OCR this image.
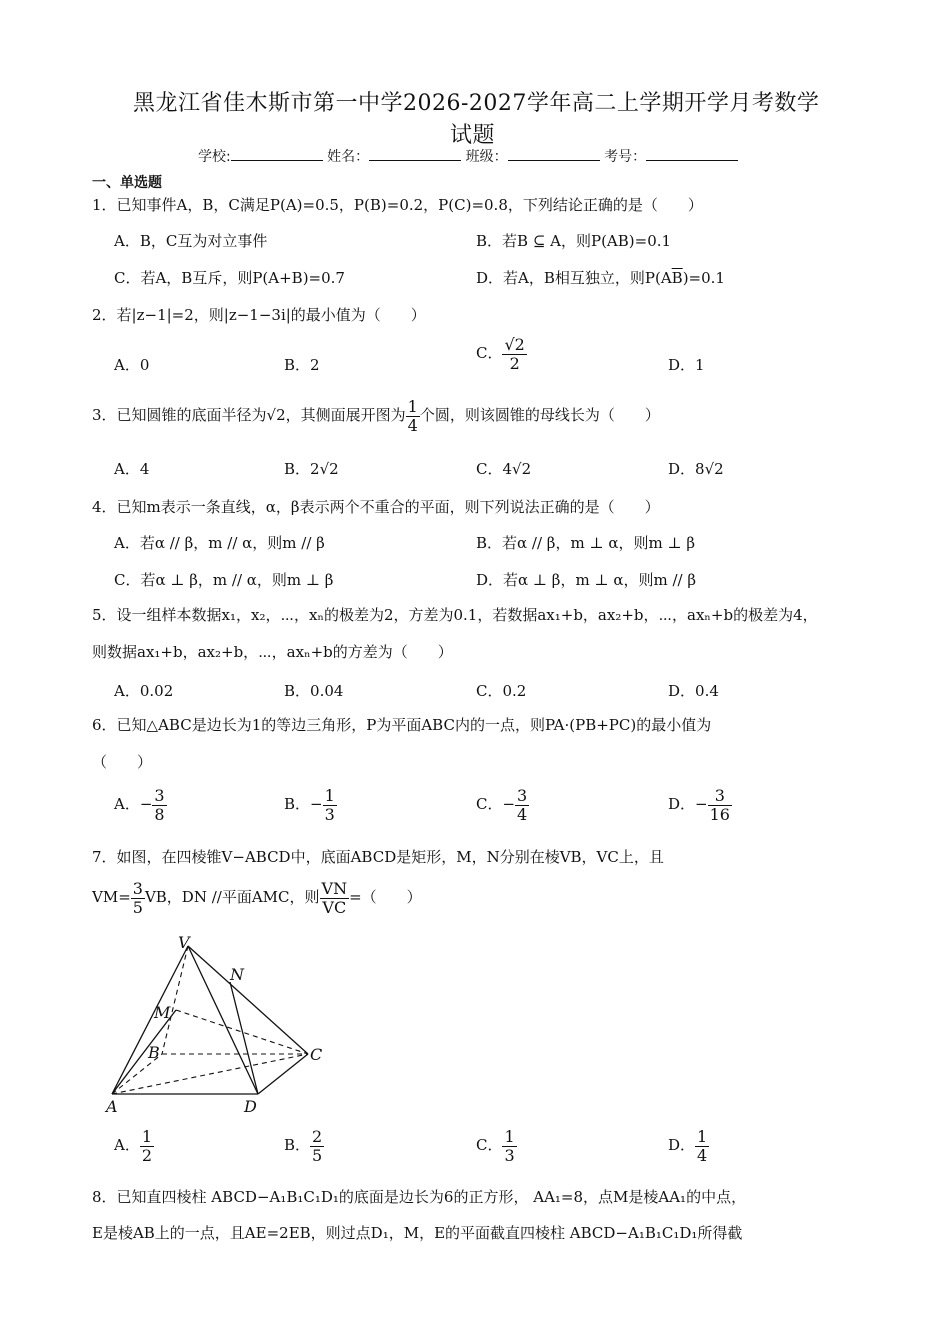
黑龙江省佳木斯市第一中学2026-2027学年高二上学期开学月考数学
试题
学校:	姓名：	班级：	考号：
一、单选题
1．已知事件A，B，C满足P(A)=0.5，P(B)=0.2，P(C)=0.8，下列结论正确的是（　　）
A．B，C互为对立事件	B．若B ⊆ A，则P(AB)=0.1
C．若A，B互斥，则P(A+B)=0.7	D．若A，B相互独立，则$P(A\overline{B})=0.1$
2．若|z−1|=2，则|z−1−3i|的最小值为（　　）
A．0	B．2
C． $\frac{√2}{2}$	D．1
3．已知圆锥的底面半径为√2，其侧面展开图为 $\frac{1}{4}$ 个圆，则该圆锥的母线长为（　　）
A．4	B．2√2	C．4√2	D．8√2
4．已知m表示一条直线，α，β表示两个不重合的平面，则下列说法正确的是（　　）
A．若α // β，m // α，则m // β	B．若α // β，m ⊥ α，则m ⊥ β
C．若α ⊥ β，m // α，则m ⊥ β	D．若α ⊥ β，m ⊥ α，则m // β
5．设一组样本数据x₁，x₂，⋯，xₙ的极差为2，方差为0.1，若数据ax₁+b，ax₂+b，⋯，axₙ+b的极差为4，
则数据ax₁+b，ax₂+b，⋯，axₙ+b的方差为（　　）
A．0.02	B．0.04	C．0.2	D．0.4
6．已知△ABC是边长为1的等边三角形，P为平面ABC内的一点，则PA·(PB+PC)的最小值为
（　　）
A．− $\frac{3}{8}$	B．− $\frac{1}{3}$	C．− $\frac{3}{4}$	D．− $\frac{3}{16}$
7．如图，在四棱锥V−ABCD中，底面ABCD是矩形，M，N分别在棱VB，VC上，且
$VM= \frac{3}{5}$ VB，DN //平面AMC，则 $\frac{VN}{VC}$ =（　　）
V
N
M
B	C
A	D
A． $\frac{1}{2}$	B． $\frac{2}{5}$	C． $\frac{1}{3}$	D． $\frac{1}{4}$
8．已知直四棱柱 ABCD−A₁B₁C₁D₁的底面是边长为6的正方形， AA₁=8，点M是棱AA₁的中点，
E是棱AB上的一点，且AE=2EB，则过点D₁，M，E的平面截直四棱柱 ABCD−A₁B₁C₁D₁所得截
